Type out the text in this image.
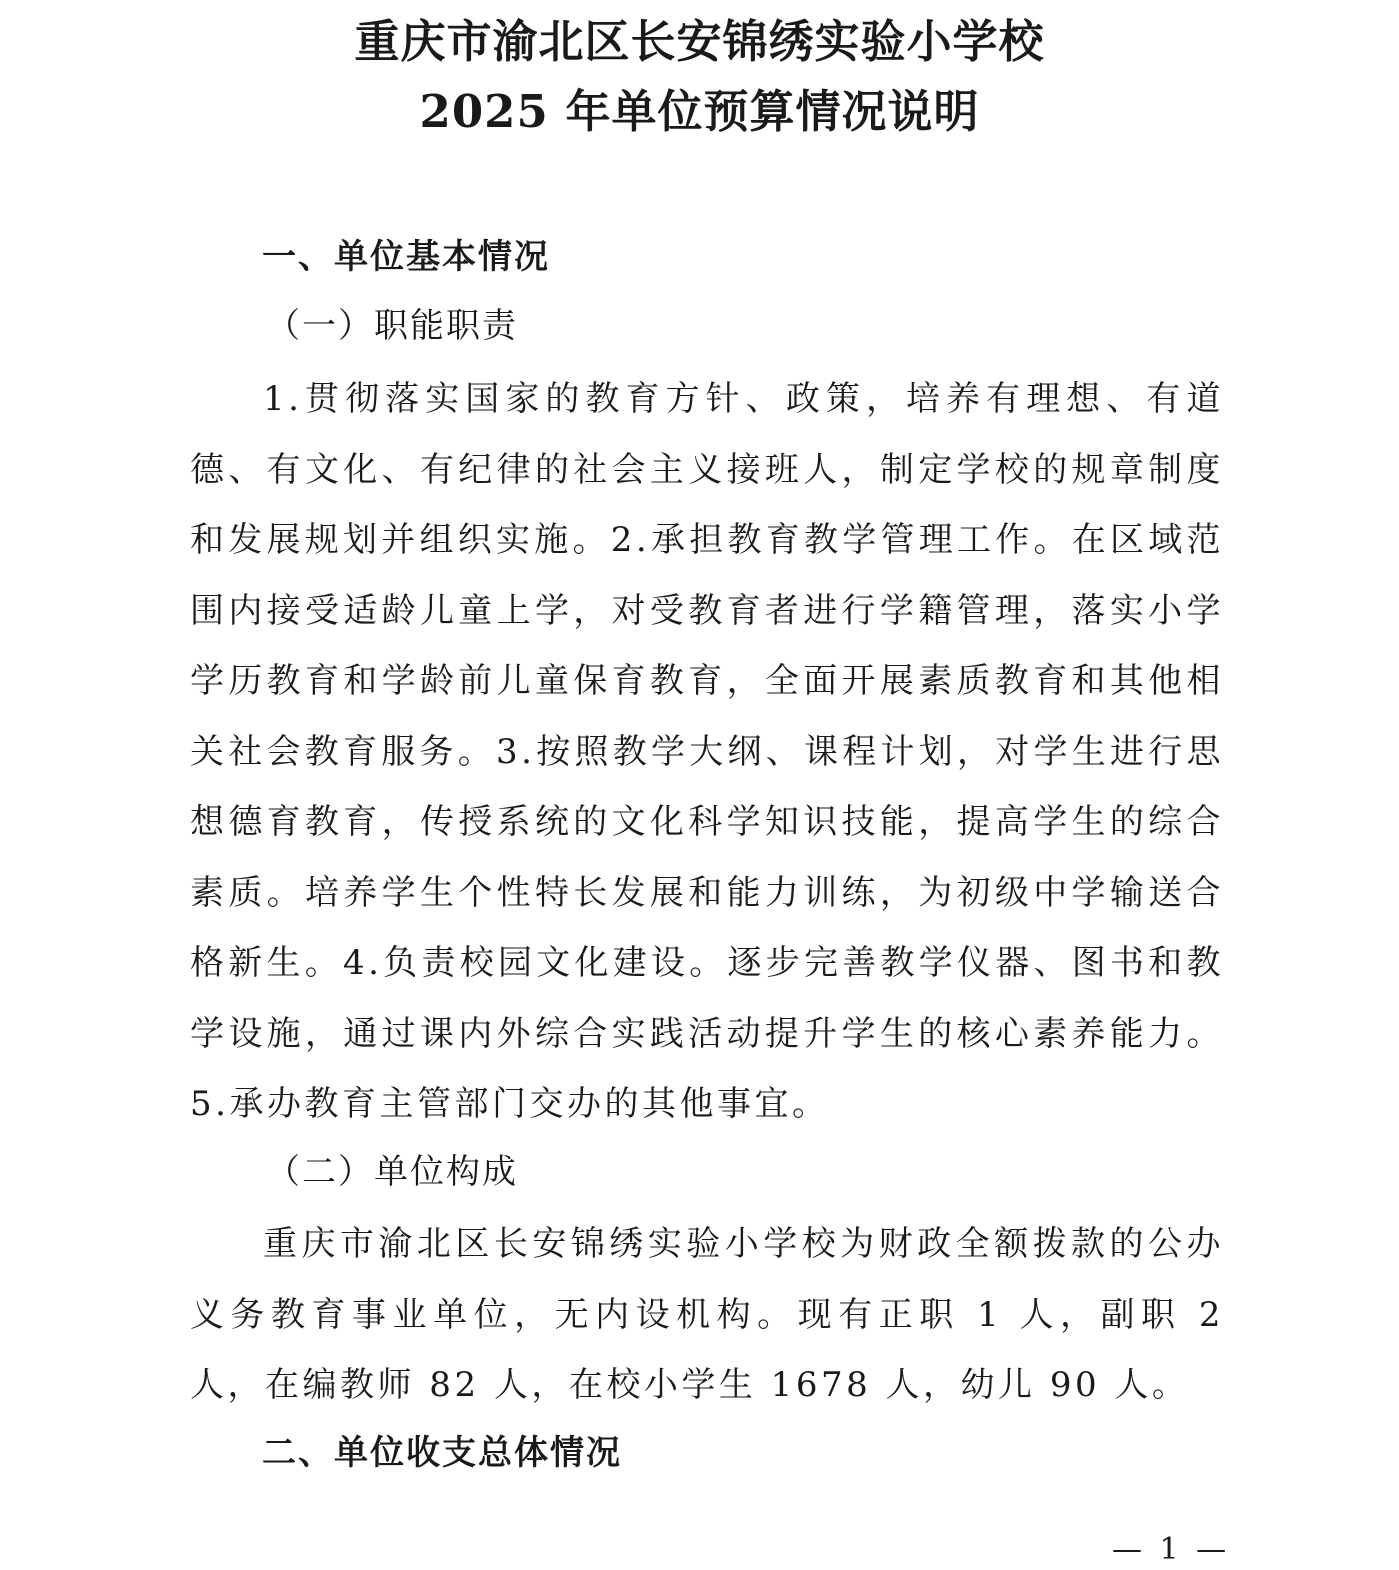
重庆市渝北区长安锦绣实验小学校
2025 年单位预算情况说明
一、单位基本情况
（一）职能职责

1.贯彻落实国家的教育方针、政策，培养有理想、有道德、有文化、有纪律的社会主义接班人，制定学校的规章制度和发展规划并组织实施。2.承担教育教学管理工作。在区域范围内接受适龄儿童上学，对受教育者进行学籍管理，落实小学学历教育和学龄前儿童保育教育，全面开展素质教育和其他相关社会教育服务。3.按照教学大纲、课程计划，对学生进行思想德育教育，传授系统的文化科学知识技能，提高学生的综合素质。培养学生个性特长发展和能力训练，为初级中学输送合格新生。4.负责校园文化建设。逐步完善教学仪器、图书和教学设施，通过课内外综合实践活动提升学生的核心素养能力。5.承办教育主管部门交办的其他事宜。

（二）单位构成

重庆市渝北区长安锦绣实验小学校为财政全额拨款的公办义务教育事业单位，无内设机构。现有正职 1 人，副职 2 人，在编教师 82 人，在校小学生 1678 人，幼儿 90 人。

二、单位收支总体情况
— 1 —
